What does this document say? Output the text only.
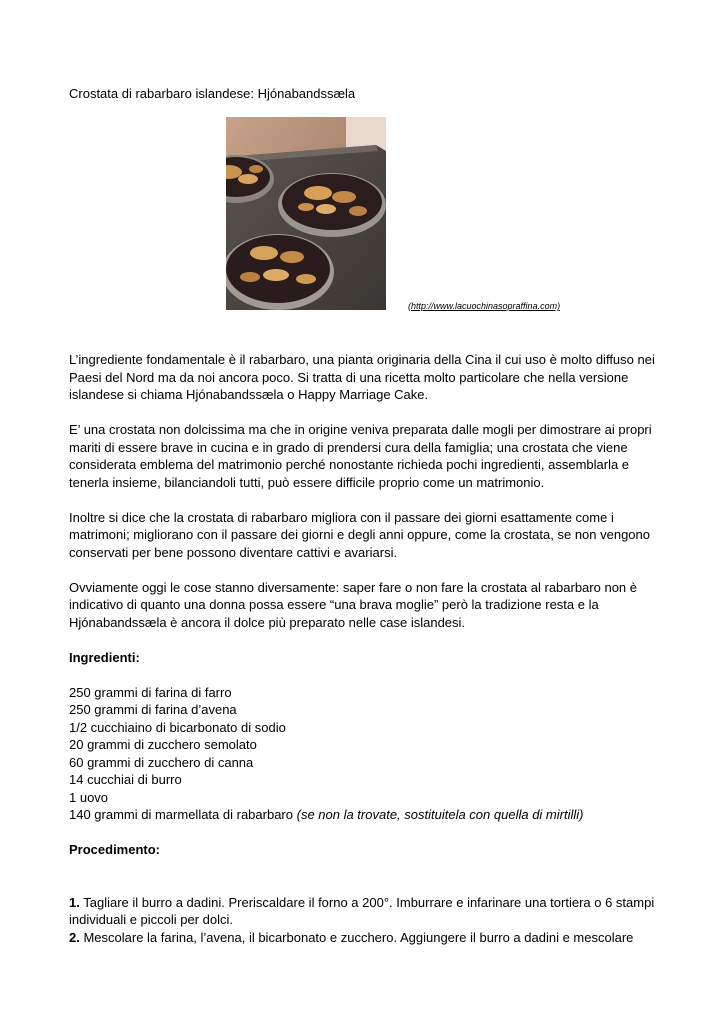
Crostata di rabarbaro islandese: Hjónabandssæla
(http://www.lacuochinasopraffina.com)

L’ingrediente fondamentale è il rabarbaro, una pianta originaria della Cina il cui uso è molto diffuso nei Paesi del Nord ma da noi ancora poco. Si tratta di una ricetta molto particolare che nella versione islandese si chiama Hjónabandssæla o Happy Marriage Cake.

E’ una crostata non dolcissima ma che in origine veniva preparata dalle mogli per dimostrare ai propri mariti di essere brave in cucina e in grado di prendersi cura della famiglia; una crostata che viene considerata emblema del matrimonio perché nonostante richieda pochi ingredienti, assemblarla e tenerla insieme, bilanciandoli tutti, può essere difficile proprio come un matrimonio.

Inoltre si dice che la crostata di rabarbaro migliora con il passare dei giorni esattamente come i matrimoni; migliorano con il passare dei giorni e degli anni oppure, come la crostata, se non vengono conservati per bene possono diventare cattivi e avariarsi.

Ovviamente oggi le cose stanno diversamente: saper fare o non fare la crostata al rabarbaro non è indicativo di quanto una donna possa essere “una brava moglie” però la tradizione resta e la Hjónabandssæla è ancora il dolce più preparato nelle case islandesi.

Ingredienti:

250 grammi di farina di farro
250 grammi di farina d’avena
1/2 cucchiaino di bicarbonato di sodio
20 grammi di zucchero semolato
60 grammi di zucchero di canna
14 cucchiai di burro
1 uovo
140 grammi di marmellata di rabarbaro (se non la trovate, sostituitela con quella di mirtilli)

Procedimento:

1. Tagliare il burro a dadini. Preriscaldare il forno a 200°. Imburrare e infarinare una tortiera o 6 stampi individuali e piccoli per dolci.

2. Mescolare la farina, l’avena, il bicarbonato e zucchero. Aggiungere il burro a dadini e mescolare
